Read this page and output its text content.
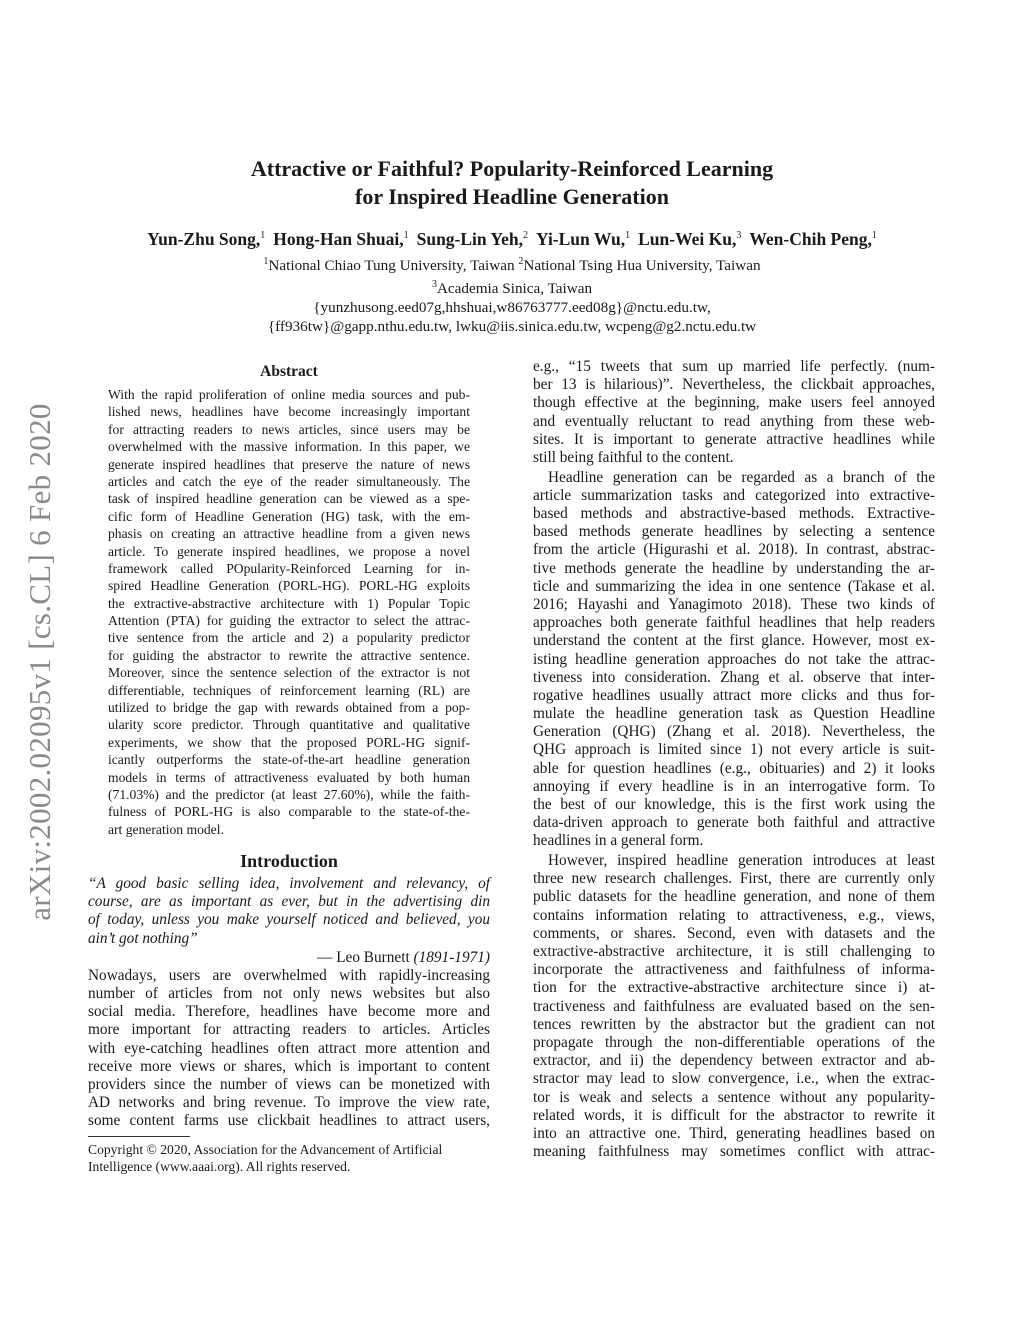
arXiv:2002.02095v1 [cs.CL] 6 Feb 2020
Attractive or Faithful? Popularity-Reinforced Learning
for Inspired Headline Generation
Yun-Zhu Song,$^1$ Hong-Han Shuai,$^1$ Sung-Lin Yeh,$^2$ Yi-Lun Wu,$^1$ Lun-Wei Ku,$^3$ Wen-Chih Peng,$^1$
$^1$National Chiao Tung University, Taiwan $^2$National Tsing Hua University, Taiwan
$^3$Academia Sinica, Taiwan
{yunzhusong.eed07g,hhshuai,w86763777.eed08g}@nctu.edu.tw,
{ff936tw}@gapp.nthu.edu.tw, lwku@iis.sinica.edu.tw, wcpeng@g2.nctu.edu.tw
Abstract
With the rapid proliferation of online media sources and pub-
lished news, headlines have become increasingly important
for attracting readers to news articles, since users may be
overwhelmed with the massive information. In this paper, we
generate inspired headlines that preserve the nature of news
articles and catch the eye of the reader simultaneously. The
task of inspired headline generation can be viewed as a spe-
cific form of Headline Generation (HG) task, with the em-
phasis on creating an attractive headline from a given news
article. To generate inspired headlines, we propose a novel
framework called POpularity-Reinforced Learning for in-
spired Headline Generation (PORL-HG). PORL-HG exploits
the extractive-abstractive architecture with 1) Popular Topic
Attention (PTA) for guiding the extractor to select the attrac-
tive sentence from the article and 2) a popularity predictor
for guiding the abstractor to rewrite the attractive sentence.
Moreover, since the sentence selection of the extractor is not
differentiable, techniques of reinforcement learning (RL) are
utilized to bridge the gap with rewards obtained from a pop-
ularity score predictor. Through quantitative and qualitative
experiments, we show that the proposed PORL-HG signif-
icantly outperforms the state-of-the-art headline generation
models in terms of attractiveness evaluated by both human
(71.03%) and the predictor (at least 27.60%), while the faith-
fulness of PORL-HG is also comparable to the state-of-the-
art generation model.
Introduction
“A good basic selling idea, involvement and relevancy, of
course, are as important as ever, but in the advertising din
of today, unless you make yourself noticed and believed, you
ain’t got nothing”
— Leo Burnett (1891-1971)
Nowadays, users are overwhelmed with rapidly-increasing
number of articles from not only news websites but also
social media. Therefore, headlines have become more and
more important for attracting readers to articles. Articles
with eye-catching headlines often attract more attention and
receive more views or shares, which is important to content
providers since the number of views can be monetized with
AD networks and bring revenue. To improve the view rate,
some content farms use clickbait headlines to attract users,
Copyright © 2020, Association for the Advancement of Artificial
Intelligence (www.aaai.org). All rights reserved.
e.g., “15 tweets that sum up married life perfectly. (num-
ber 13 is hilarious)”. Nevertheless, the clickbait approaches,
though effective at the beginning, make users feel annoyed
and eventually reluctant to read anything from these web-
sites. It is important to generate attractive headlines while
still being faithful to the content.
Headline generation can be regarded as a branch of the
article summarization tasks and categorized into extractive-
based methods and abstractive-based methods. Extractive-
based methods generate headlines by selecting a sentence
from the article (Higurashi et al. 2018). In contrast, abstrac-
tive methods generate the headline by understanding the ar-
ticle and summarizing the idea in one sentence (Takase et al.
2016; Hayashi and Yanagimoto 2018). These two kinds of
approaches both generate faithful headlines that help readers
understand the content at the first glance. However, most ex-
isting headline generation approaches do not take the attrac-
tiveness into consideration. Zhang et al. observe that inter-
rogative headlines usually attract more clicks and thus for-
mulate the headline generation task as Question Headline
Generation (QHG) (Zhang et al. 2018). Nevertheless, the
QHG approach is limited since 1) not every article is suit-
able for question headlines (e.g., obituaries) and 2) it looks
annoying if every headline is in an interrogative form. To
the best of our knowledge, this is the first work using the
data-driven approach to generate both faithful and attractive
headlines in a general form.
However, inspired headline generation introduces at least
three new research challenges. First, there are currently only
public datasets for the headline generation, and none of them
contains information relating to attractiveness, e.g., views,
comments, or shares. Second, even with datasets and the
extractive-abstractive architecture, it is still challenging to
incorporate the attractiveness and faithfulness of informa-
tion for the extractive-abstractive architecture since i) at-
tractiveness and faithfulness are evaluated based on the sen-
tences rewritten by the abstractor but the gradient can not
propagate through the non-differentiable operations of the
extractor, and ii) the dependency between extractor and ab-
stractor may lead to slow convergence, i.e., when the extrac-
tor is weak and selects a sentence without any popularity-
related words, it is difficult for the abstractor to rewrite it
into an attractive one. Third, generating headlines based on
meaning faithfulness may sometimes conflict with attrac-
